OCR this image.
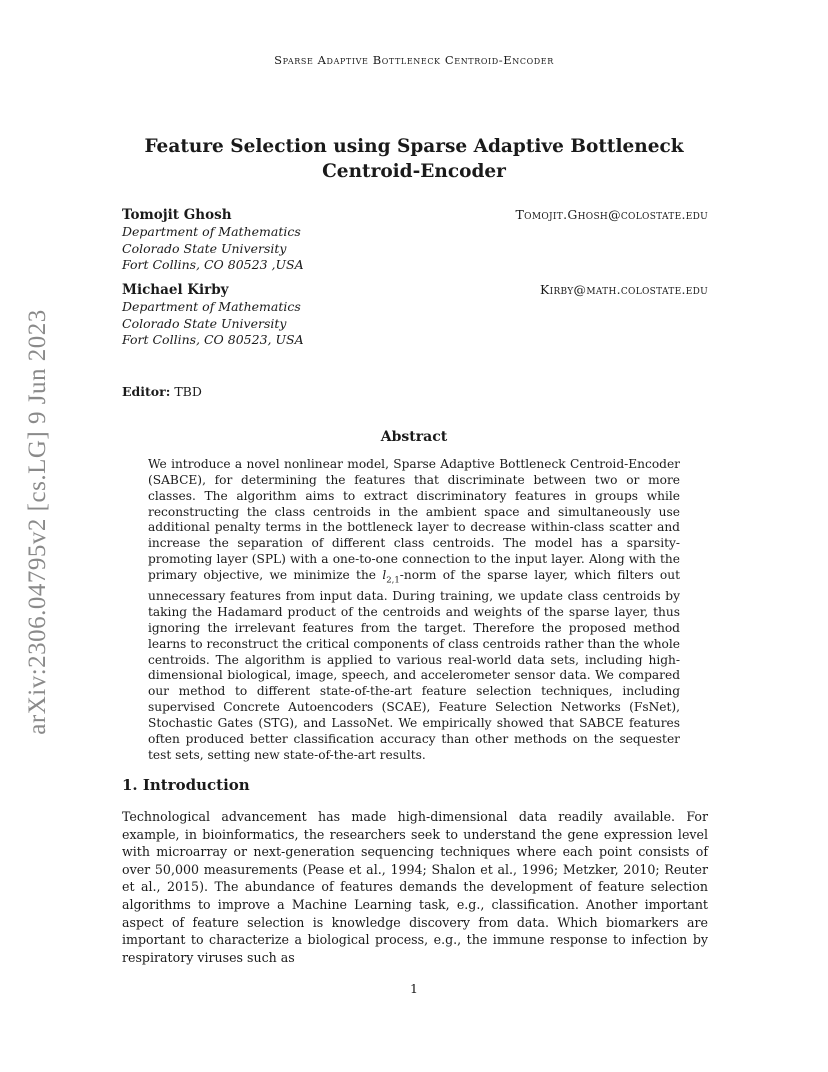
Sparse Adaptive Bottleneck Centroid-Encoder
arXiv:2306.04795v2 [cs.LG] 9 Jun 2023
Feature Selection using Sparse Adaptive Bottleneck
Centroid-Encoder
Tomojit Ghosh	Tomojit.Ghosh@colostate.edu
Department of Mathematics
Colorado State University
Fort Collins, CO 80523 ,USA
Michael Kirby	Kirby@math.colostate.edu
Department of Mathematics
Colorado State University
Fort Collins, CO 80523, USA
Editor: TBD
Abstract
We introduce a novel nonlinear model, Sparse Adaptive Bottleneck Centroid-Encoder (SABCE), for determining the features that discriminate between two or more classes. The algorithm aims to extract discriminatory features in groups while reconstructing the class centroids in the ambient space and simultaneously use additional penalty terms in the bottleneck layer to decrease within-class scatter and increase the separation of different class centroids. The model has a sparsity-promoting layer (SPL) with a one-to-one connection to the input layer. Along with the primary objective, we minimize the $l_{2,1}$-norm of the sparse layer, which filters out unnecessary features from input data. During training, we update class centroids by taking the Hadamard product of the centroids and weights of the sparse layer, thus ignoring the irrelevant features from the target. Therefore the proposed method learns to reconstruct the critical components of class centroids rather than the whole centroids. The algorithm is applied to various real-world data sets, including high-dimensional biological, image, speech, and accelerometer sensor data. We compared our method to different state-of-the-art feature selection techniques, including supervised Concrete Autoencoders (SCAE), Feature Selection Networks (FsNet), Stochastic Gates (STG), and LassoNet. We empirically showed that SABCE features often produced better classification accuracy than other methods on the sequester test sets, setting new state-of-the-art results.
1. Introduction
Technological advancement has made high-dimensional data readily available. For example, in bioinformatics, the researchers seek to understand the gene expression level with microarray or next-generation sequencing techniques where each point consists of over 50,000 measurements (Pease et al., 1994; Shalon et al., 1996; Metzker, 2010; Reuter et al., 2015). The abundance of features demands the development of feature selection algorithms to improve a Machine Learning task, e.g., classification. Another important aspect of feature selection is knowledge discovery from data. Which biomarkers are important to characterize a biological process, e.g., the immune response to infection by respiratory viruses such as
1
